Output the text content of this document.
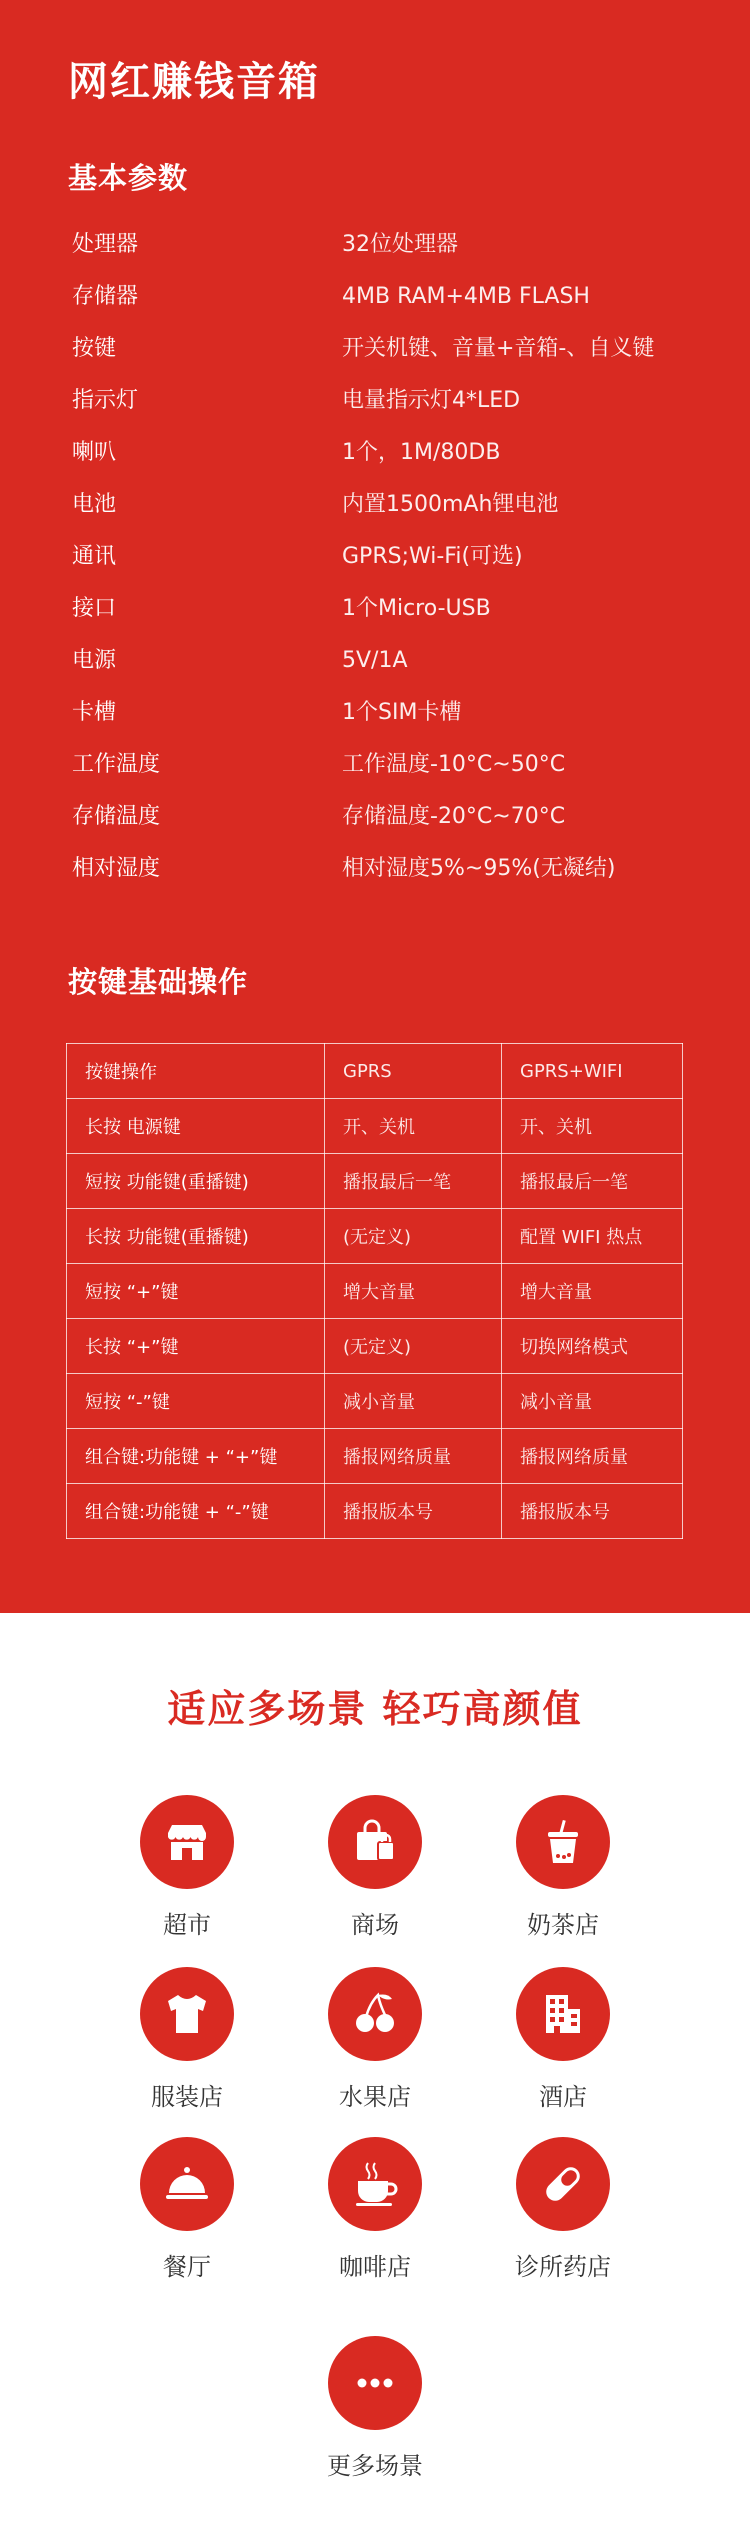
网红赚钱音箱
基本参数
处理器	32位处理器
存储器	4MB RAM+4MB FLASH
按键	开关机键、音量+音箱-、自义键
指示灯	电量指示灯4*LED
喇叭	1个，1M/80DB
电池	内置1500mAh锂电池
通讯	GPRS;Wi-Fi(可选)
接口	1个Micro-USB
电源	5V/1A
卡槽	1个SIM卡槽
工作温度	工作温度-10°C~50°C
存储温度	存储温度-20°C~70°C
相对湿度	相对湿度5%~95%(无凝结)
按键基础操作
按键操作	GPRS	GPRS+WIFI
长按 电源键	开、关机	开、关机
短按 功能键(重播键)	播报最后一笔	播报最后一笔
长按 功能键(重播键)	(无定义)	配置 WIFI 热点
短按 “+”键	增大音量	增大音量
长按 “+”键	(无定义)	切换网络模式
短按 “-”键	减小音量	减小音量
组合键:功能键 + “+”键	播报网络质量	播报网络质量
组合键:功能键 + “-”键	播报版本号	播报版本号
适应多场景 轻巧高颜值
超市	商场	奶茶店
服装店	水果店	酒店
餐厅	咖啡店	诊所药店
更多场景
